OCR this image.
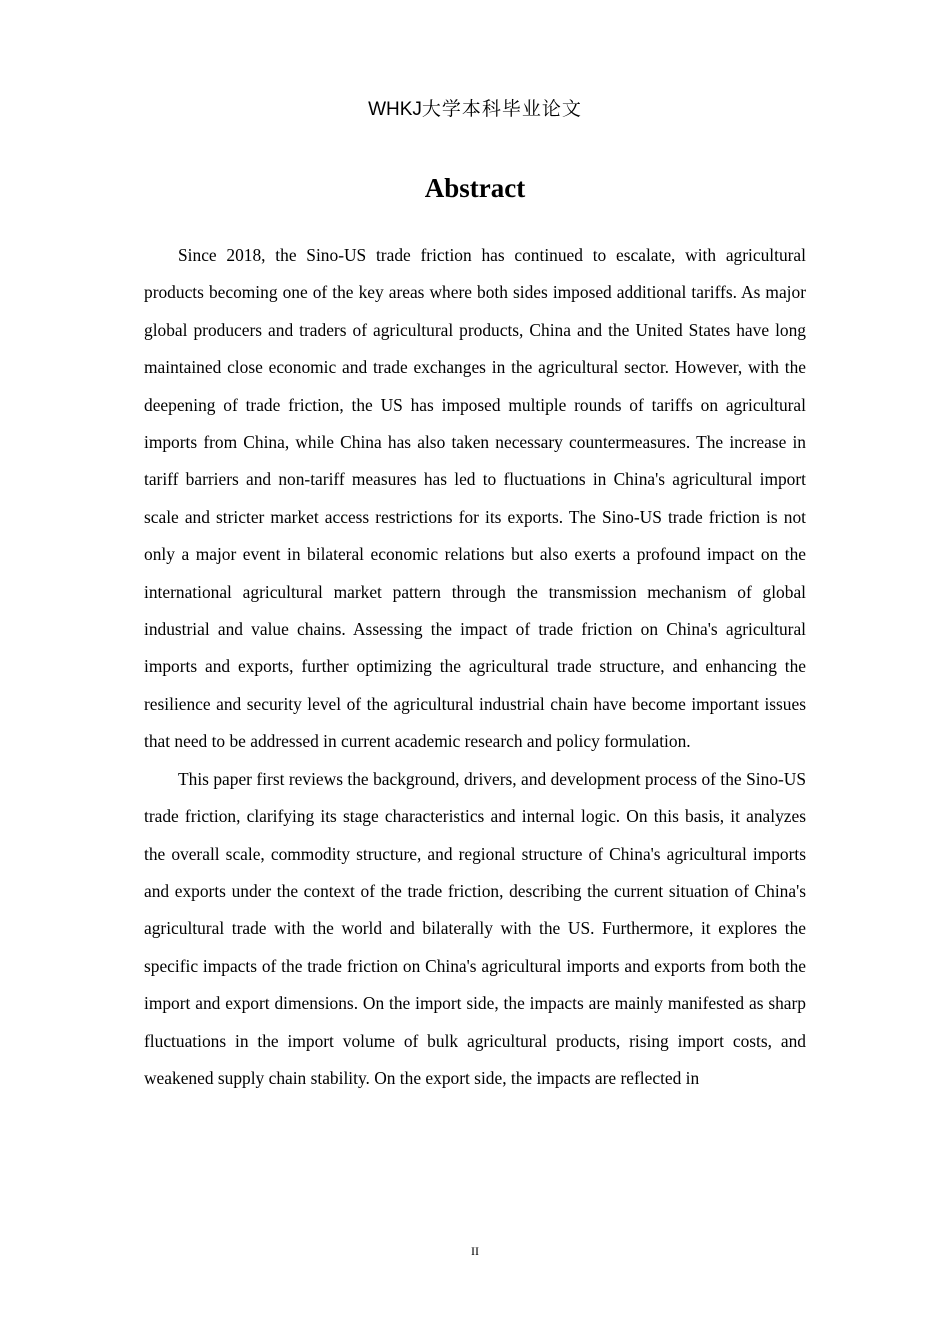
WHKJ大学本科毕业论文
Abstract

Since 2018, the Sino-US trade friction has continued to escalate, with agricultural products becoming one of the key areas where both sides imposed additional tariffs. As major global producers and traders of agricultural products, China and the United States have long maintained close economic and trade exchanges in the agricultural sector. However, with the deepening of trade friction, the US has imposed multiple rounds of tariffs on agricultural imports from China, while China has also taken necessary countermeasures. The increase in tariff barriers and non-tariff measures has led to fluctuations in China's agricultural import scale and stricter market access restrictions for its exports. The Sino-US trade friction is not only a major event in bilateral economic relations but also exerts a profound impact on the international agricultural market pattern through the transmission mechanism of global industrial and value chains. Assessing the impact of trade friction on China's agricultural imports and exports, further optimizing the agricultural trade structure, and enhancing the resilience and security level of the agricultural industrial chain have become important issues that need to be addressed in current academic research and policy formulation.

This paper first reviews the background, drivers, and development process of the Sino-US trade friction, clarifying its stage characteristics and internal logic. On this basis, it analyzes the overall scale, commodity structure, and regional structure of China's agricultural imports and exports under the context of the trade friction, describing the current situation of China's agricultural trade with the world and bilaterally with the US. Furthermore, it explores the specific impacts of the trade friction on China's agricultural imports and exports from both the import and export dimensions. On the import side, the impacts are mainly manifested as sharp fluctuations in the import volume of bulk agricultural products, rising import costs, and weakened supply chain stability. On the export side, the impacts are reflected in

II
